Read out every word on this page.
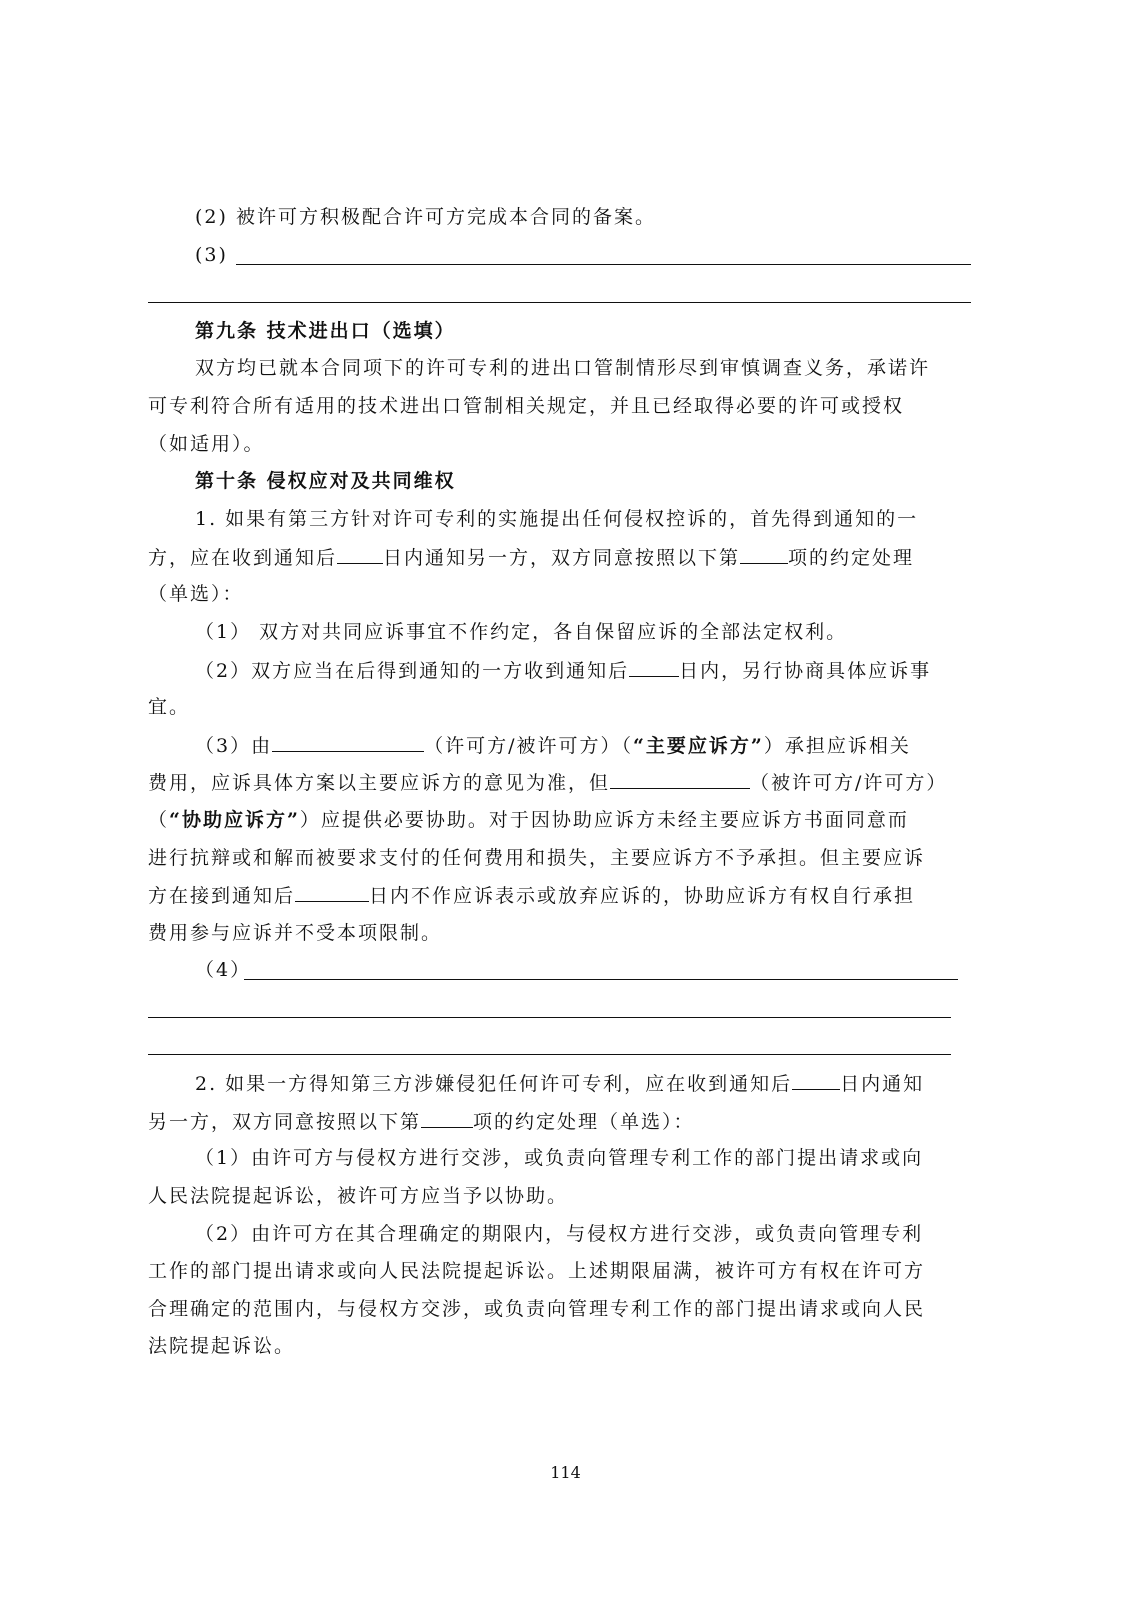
(2) 被许可方积极配合许可方完成本合同的备案。
(3)
第九条 技术进出口（选填）
双方均已就本合同项下的许可专利的进出口管制情形尽到审慎调查义务，承诺许
可专利符合所有适用的技术进出口管制相关规定，并且已经取得必要的许可或授权
（如适用）。
第十条 侵权应对及共同维权
1. 如果有第三方针对许可专利的实施提出任何侵权控诉的，首先得到通知的一
方，应在收到通知后 日内通知另一方，双方同意按照以下第	项的约定处理
（单选）：
（1） 双方对共同应诉事宜不作约定，各自保留应诉的全部法定权利。
（2）双方应当在后得到通知的一方收到通知后	日内，另行协商具体应诉事
宜。
（3）由	（许可方/被许可方）（“主要应诉方”）承担应诉相关
费用，应诉具体方案以主要应诉方的意见为准，但	（被许可方/许可方）
（“协助应诉方”）应提供必要协助。对于因协助应诉方未经主要应诉方书面同意而
进行抗辩或和解而被要求支付的任何费用和损失，主要应诉方不予承担。但主要应诉
方在接到通知后	日内不作应诉表示或放弃应诉的，协助应诉方有权自行承担
费用参与应诉并不受本项限制。
（4）
2. 如果一方得知第三方涉嫌侵犯任何许可专利，应在收到通知后	日内通知
另一方，双方同意按照以下第	项的约定处理（单选）：
（1）由许可方与侵权方进行交涉，或负责向管理专利工作的部门提出请求或向
人民法院提起诉讼，被许可方应当予以协助。
（2）由许可方在其合理确定的期限内，与侵权方进行交涉，或负责向管理专利
工作的部门提出请求或向人民法院提起诉讼。上述期限届满，被许可方有权在许可方
合理确定的范围内，与侵权方交涉，或负责向管理专利工作的部门提出请求或向人民
法院提起诉讼。
114
